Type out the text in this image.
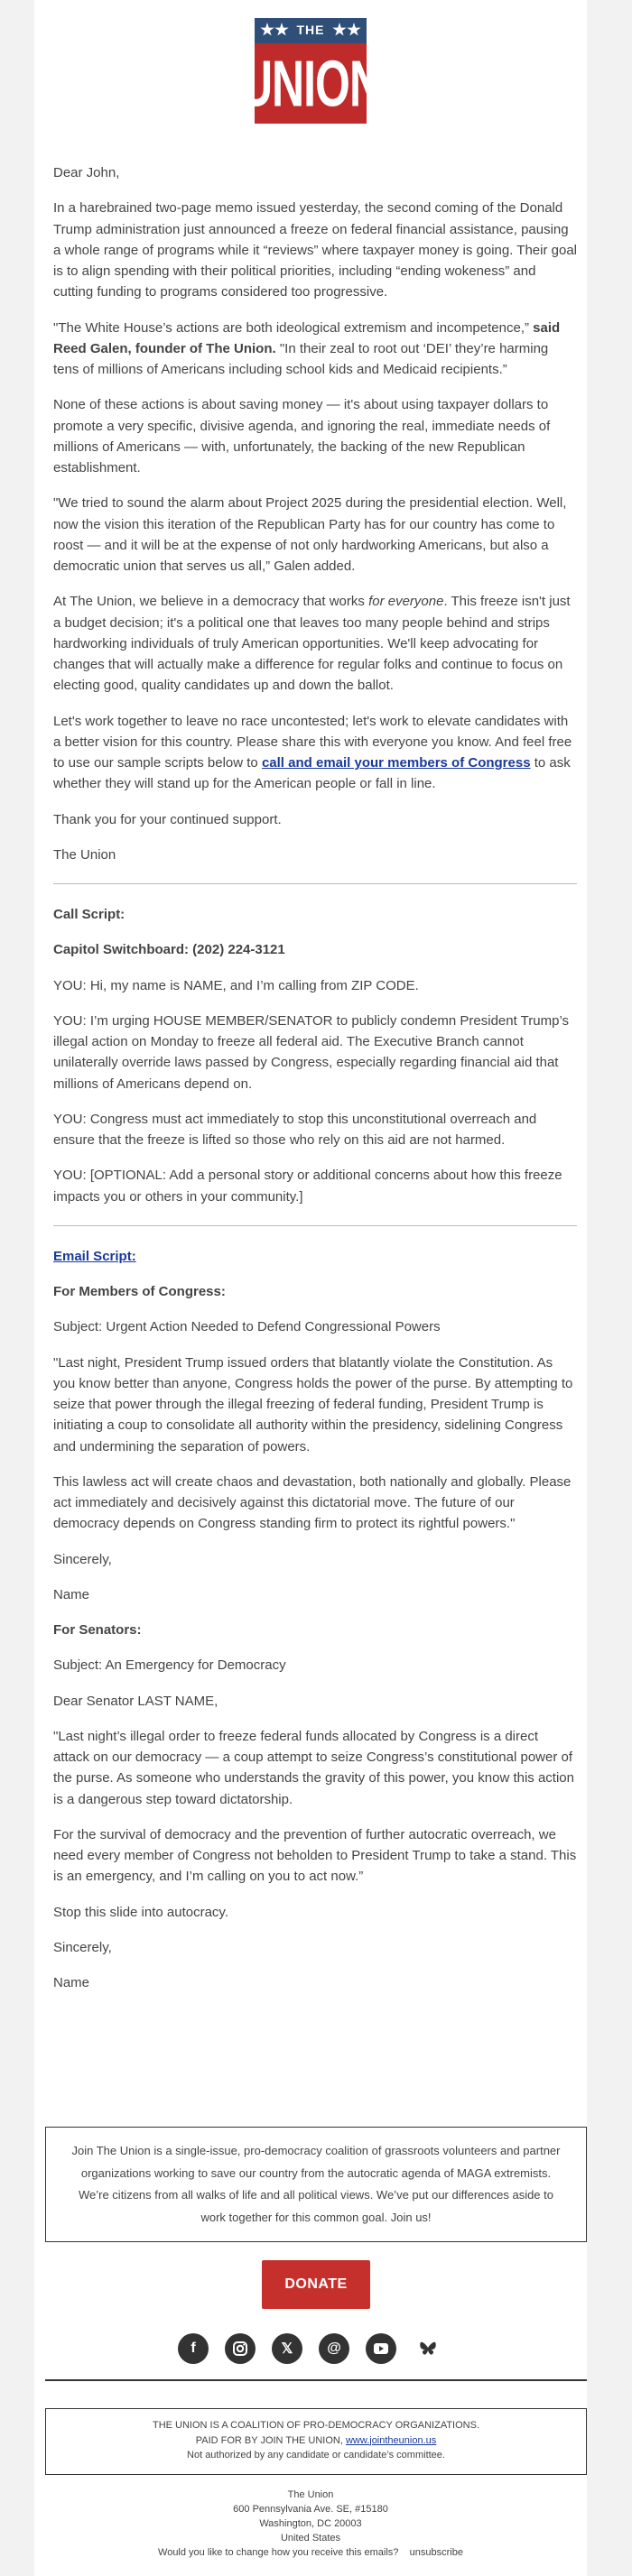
THE
UNION

Dear John,

In a harebrained two-page memo issued yesterday, the second coming of the Donald Trump administration just announced a freeze on federal financial assistance, pausing a whole range of programs while it “reviews” where taxpayer money is going. Their goal is to align spending with their political priorities, including “ending wokeness” and cutting funding to programs considered too progressive.

"The White House’s actions are both ideological extremism and incompetence,” said Reed Galen, founder of The Union. "In their zeal to root out ‘DEI’ they’re harming tens of millions of Americans including school kids and Medicaid recipients.”

None of these actions is about saving money — it's about using taxpayer dollars to promote a very specific, divisive agenda, and ignoring the real, immediate needs of millions of Americans — with, unfortunately, the backing of the new Republican establishment.

"We tried to sound the alarm about Project 2025 during the presidential election. Well, now the vision this iteration of the Republican Party has for our country has come to roost — and it will be at the expense of not only hardworking Americans, but also a democratic union that serves us all,” Galen added.

At The Union, we believe in a democracy that works for everyone. This freeze isn't just a budget decision; it's a political one that leaves too many people behind and strips hardworking individuals of truly American opportunities. We'll keep advocating for changes that will actually make a difference for regular folks and continue to focus on electing good, quality candidates up and down the ballot.

Let's work together to leave no race uncontested; let's work to elevate candidates with a better vision for this country. Please share this with everyone you know. And feel free to use our sample scripts below to call and email your members of Congress to ask whether they will stand up for the American people or fall in line.

Thank you for your continued support.

The Union

Call Script:

Capitol Switchboard: (202) 224-3121

YOU: Hi, my name is NAME, and I’m calling from ZIP CODE.

YOU: I’m urging HOUSE MEMBER/SENATOR to publicly condemn President Trump’s illegal action on Monday to freeze all federal aid. The Executive Branch cannot unilaterally override laws passed by Congress, especially regarding financial aid that millions of Americans depend on.

YOU: Congress must act immediately to stop this unconstitutional overreach and ensure that the freeze is lifted so those who rely on this aid are not harmed.

YOU: [OPTIONAL: Add a personal story or additional concerns about how this freeze impacts you or others in your community.]

Email Script:

For Members of Congress:

Subject: Urgent Action Needed to Defend Congressional Powers

"Last night, President Trump issued orders that blatantly violate the Constitution. As you know better than anyone, Congress holds the power of the purse. By attempting to seize that power through the illegal freezing of federal funding, President Trump is initiating a coup to consolidate all authority within the presidency, sidelining Congress and undermining the separation of powers.

This lawless act will create chaos and devastation, both nationally and globally. Please act immediately and decisively against this dictatorial move. The future of our democracy depends on Congress standing firm to protect its rightful powers."

Sincerely,

Name

For Senators:

Subject: An Emergency for Democracy

Dear Senator LAST NAME,

"Last night’s illegal order to freeze federal funds allocated by Congress is a direct attack on our democracy — a coup attempt to seize Congress’s constitutional power of the purse. As someone who understands the gravity of this power, you know this action is a dangerous step toward dictatorship.

For the survival of democracy and the prevention of further autocratic overreach, we need every member of Congress not beholden to President Trump to take a stand. This is an emergency, and I’m calling on you to act now.”

Stop this slide into autocracy.

Sincerely,

Name

Join The Union is a single-issue, pro-democracy coalition of grassroots volunteers and partner organizations working to save our country from the autocratic agenda of MAGA extremists. We’re citizens from all walks of life and all political views. We’ve put our differences aside to work together for this common goal. Join us!
DONATE
f	𝕏	@
THE UNION IS A COALITION OF PRO-DEMOCRACY ORGANIZATIONS.
PAID FOR BY JOIN THE UNION, www.jointheunion.us
Not authorized by any candidate or candidate’s committee.
The Union
600 Pennsylvania Ave. SE, #15180
Washington, DC 20003
United States
Would you like to change how you receive this emails? unsubscribe
